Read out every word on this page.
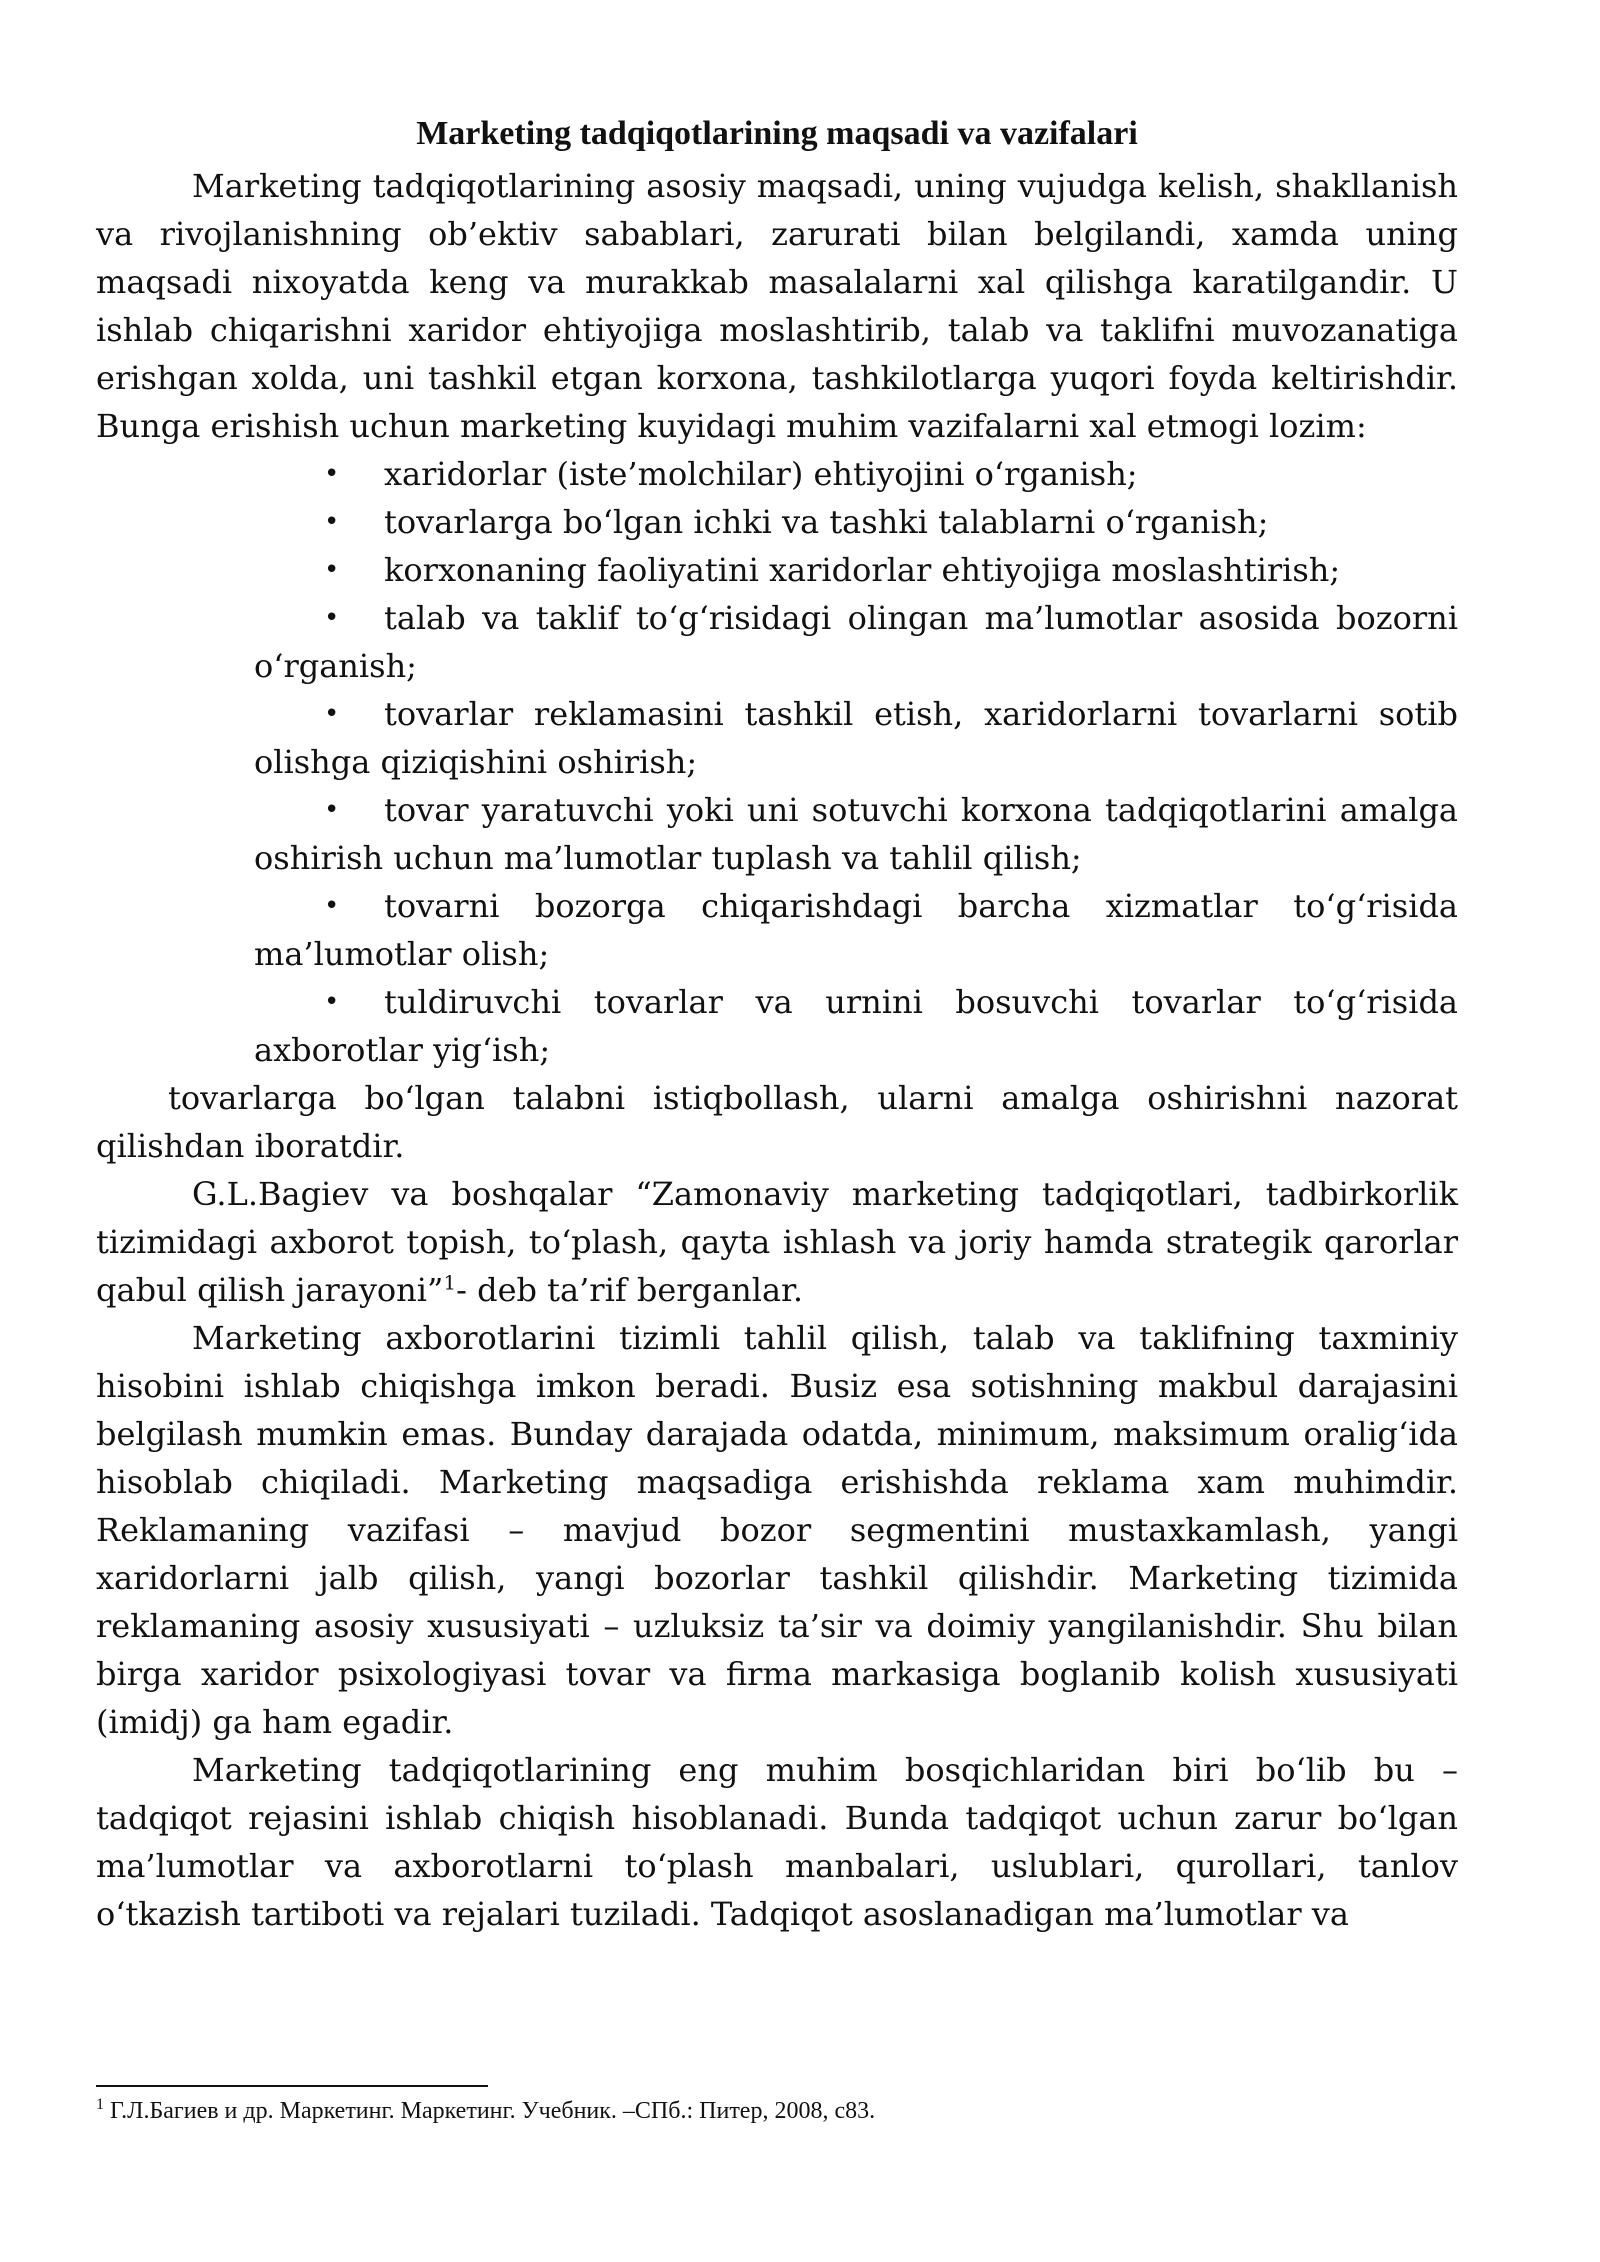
Marketing tadqiqotlarining maqsadi va vazifalari

Marketing tadqiqotlarining asosiy maqsadi, uning vujudga kelish, shakllanish va rivojlanishning ob’ektiv sabablari, zarurati bilan belgilandi, xamda uning maqsadi nixoyatda keng va murakkab masalalarni xal qilishga karatilgandir. U ishlab chiqarishni xaridor ehtiyojiga moslashtirib, talab va taklifni muvozanatiga erishgan xolda, uni tashkil etgan korxona, tashkilotlarga yuqori foyda keltirishdir. Bunga erishish uchun marketing kuyidagi muhim vazifalarni xal etmogi lozim:

• xaridorlar (iste’molchilar) ehtiyojini o‘rganish;
• tovarlarga bo‘lgan ichki va tashki talablarni o‘rganish;
• korxonaning faoliyatini xaridorlar ehtiyojiga moslashtirish;
• talab va taklif to‘g‘risidagi olingan ma’lumotlar asosida bozorni o‘rganish;
• tovarlar reklamasini tashkil etish, xaridorlarni tovarlarni sotib olishga qiziqishini oshirish;
• tovar yaratuvchi yoki uni sotuvchi korxona tadqiqotlarini amalga oshirish uchun ma’lumotlar tuplash va tahlil qilish;
• tovarni bozorga chiqarishdagi barcha xizmatlar to‘g‘risida ma’lumotlar olish;
• tuldiruvchi tovarlar va urnini bosuvchi tovarlar to‘g‘risida axborotlar yig‘ish;

tovarlarga bo‘lgan talabni istiqbollash, ularni amalga oshirishni nazorat qilishdan iboratdir.

G.L.Bagiev va boshqalar “Zamonaviy marketing tadqiqotlari, tadbirkorlik tizimidagi axborot topish, to‘plash, qayta ishlash va joriy hamda strategik qarorlar qabul qilish jarayoni”$^1$- deb ta’rif berganlar.

Marketing axborotlarini tizimli tahlil qilish, talab va taklifning taxminiy hisobini ishlab chiqishga imkon beradi. Busiz esa sotishning makbul darajasini belgilash mumkin emas. Bunday darajada odatda, minimum, maksimum oralig‘ida hisoblab chiqiladi. Marketing maqsadiga erishishda reklama xam muhimdir. Reklamaning vazifasi – mavjud bozor segmentini mustaxkamlash, yangi xaridorlarni jalb qilish, yangi bozorlar tashkil qilishdir. Marketing tizimida reklamaning asosiy xususiyati – uzluksiz ta’sir va doimiy yangilanishdir. Shu bilan birga xaridor psixologiyasi tovar va firma markasiga boglanib kolish xususiyati (imidj) ga ham egadir.

Marketing tadqiqotlarining eng muhim bosqichlaridan biri bo‘lib bu – tadqiqot rejasini ishlab chiqish hisoblanadi. Bunda tadqiqot uchun zarur bo‘lgan ma’lumotlar va axborotlarni to‘plash manbalari, uslublari, qurollari, tanlov o‘tkazish tartiboti va rejalari tuziladi. Tadqiqot asoslanadigan ma’lumotlar va

$^1$ Г.Л.Багиев и др. Маркетинг. Маркетинг. Учебник. –СПб.: Питер, 2008, с83.
